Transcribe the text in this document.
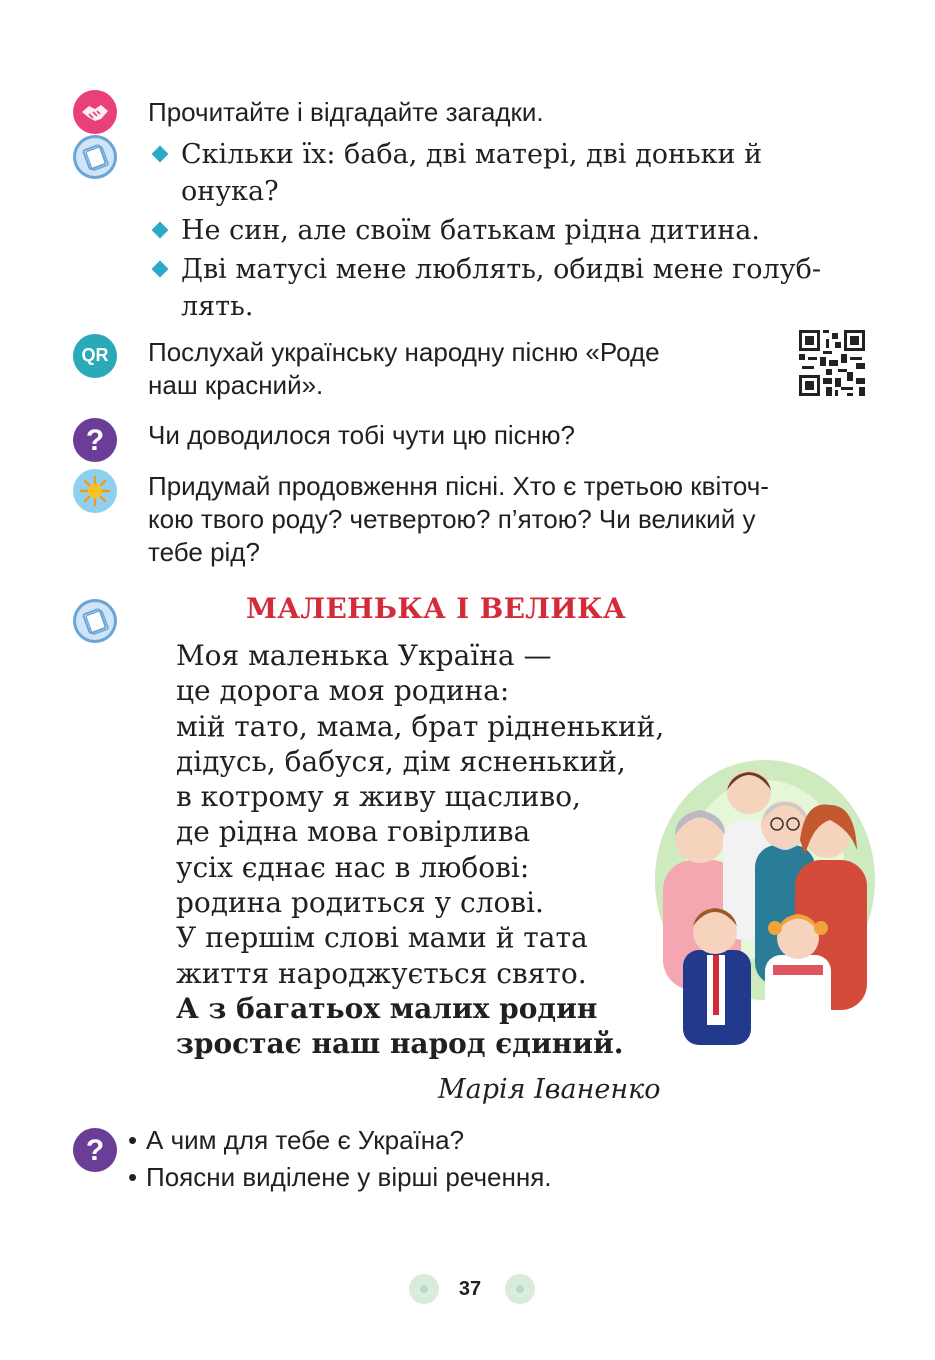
Прочитайте і відгадайте загадки.
Скільки їх: баба, дві матері, дві доньки й
онука?
Не син, але своїм батькам рідна дитина.
Дві матусі мене люблять, обидві мене голуб-
лять.
QR	Послухай українську народну пісню «Роде
наш красний».
? Чи доводилося тобі чути цю пісню?
Придумай продовження пісні. Хто є третьою квіточ-
кою твого роду? четвертою? п’ятою? Чи великий у
тебе рід?
МАЛЕНЬКА І ВЕЛИКА
Моя маленька Україна —
це дорога моя родина:
мій тато, мама, брат рідненький,
дідусь, бабуся, дім ясненький,
в котрому я живу щасливо,
де рідна мова говірлива
усіх єднає нас в любові:
родина родиться у слові.
У першім слові мами й тата
життя народжується свято.
А з багатьох малих родин
зростає наш народ єдиний.
Марія Іваненко
? • А чим для тебе є Україна?
• Поясни виділене у вірші речення.
37
